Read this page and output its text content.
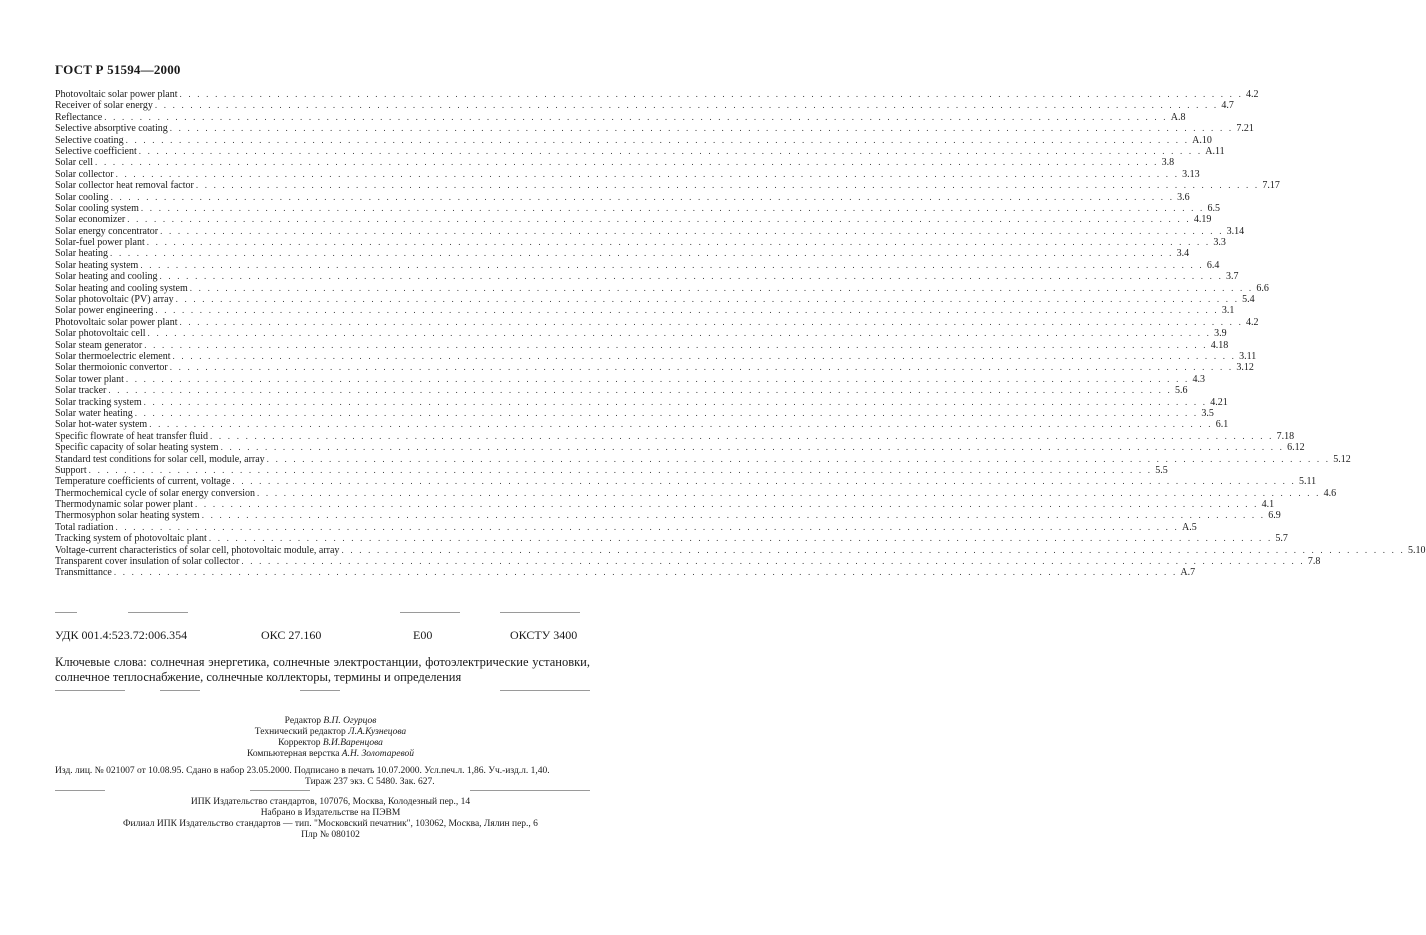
ГОСТ Р 51594—2000
Photovoltaic solar power plant . . . . . . . . . . . . . . . . . . . . . . . . . . . . . . . . . . . . . . . . . . . . . . . . . . . . . . . . . . . . . . . . . . . . . . . . . . . . . . . . . . . . . . . . . . . . . . . . . . . . . . . . . . . . . . . . . . . . . . . . 4.2
Receiver of solar energy . . . . . . . . . . . . . . . . . . . . . . . . . . . . . . . . . . . . . . . . . . . . . . . . . . . . . . . . . . . . . . . . . . . . . . . . . . . . . . . . . . . . . . . . . . . . . . . . . . . . . . . . . . . . . . . . . . . . . . . . 4.7
Reflectance . . . . . . . . . . . . . . . . . . . . . . . . . . . . . . . . . . . . . . . . . . . . . . . . . . . . . . . . . . . . . . . . . . . . . . . . . . . . . . . . . . . . . . . . . . . . . . . . . . . . . . . . . . . . . . . . . . . . . . . . A.8
Selective absorptive coating . . . . . . . . . . . . . . . . . . . . . . . . . . . . . . . . . . . . . . . . . . . . . . . . . . . . . . . . . . . . . . . . . . . . . . . . . . . . . . . . . . . . . . . . . . . . . . . . . . . . . . . . . . . . . . . . . . . . . . . . 7.21
Selective coating . . . . . . . . . . . . . . . . . . . . . . . . . . . . . . . . . . . . . . . . . . . . . . . . . . . . . . . . . . . . . . . . . . . . . . . . . . . . . . . . . . . . . . . . . . . . . . . . . . . . . . . . . . . . . . . . . . . . . . . . A.10
Selective coefficient . . . . . . . . . . . . . . . . . . . . . . . . . . . . . . . . . . . . . . . . . . . . . . . . . . . . . . . . . . . . . . . . . . . . . . . . . . . . . . . . . . . . . . . . . . . . . . . . . . . . . . . . . . . . . . . . . . . . . . . . A.11
Solar cell . . . . . . . . . . . . . . . . . . . . . . . . . . . . . . . . . . . . . . . . . . . . . . . . . . . . . . . . . . . . . . . . . . . . . . . . . . . . . . . . . . . . . . . . . . . . . . . . . . . . . . . . . . . . . . . . . . . . . . . . 3.8
Solar collector . . . . . . . . . . . . . . . . . . . . . . . . . . . . . . . . . . . . . . . . . . . . . . . . . . . . . . . . . . . . . . . . . . . . . . . . . . . . . . . . . . . . . . . . . . . . . . . . . . . . . . . . . . . . . . . . . . . . . . . . 3.13
Solar collector heat removal factor . . . . . . . . . . . . . . . . . . . . . . . . . . . . . . . . . . . . . . . . . . . . . . . . . . . . . . . . . . . . . . . . . . . . . . . . . . . . . . . . . . . . . . . . . . . . . . . . . . . . . . . . . . . . . . . . . . . . . . . . 7.17
Solar cooling . . . . . . . . . . . . . . . . . . . . . . . . . . . . . . . . . . . . . . . . . . . . . . . . . . . . . . . . . . . . . . . . . . . . . . . . . . . . . . . . . . . . . . . . . . . . . . . . . . . . . . . . . . . . . . . . . . . . . . . . 3.6
Solar cooling system . . . . . . . . . . . . . . . . . . . . . . . . . . . . . . . . . . . . . . . . . . . . . . . . . . . . . . . . . . . . . . . . . . . . . . . . . . . . . . . . . . . . . . . . . . . . . . . . . . . . . . . . . . . . . . . . . . . . . . . . 6.5
Solar economizer . . . . . . . . . . . . . . . . . . . . . . . . . . . . . . . . . . . . . . . . . . . . . . . . . . . . . . . . . . . . . . . . . . . . . . . . . . . . . . . . . . . . . . . . . . . . . . . . . . . . . . . . . . . . . . . . . . . . . . . . 4.19
Solar energy concentrator . . . . . . . . . . . . . . . . . . . . . . . . . . . . . . . . . . . . . . . . . . . . . . . . . . . . . . . . . . . . . . . . . . . . . . . . . . . . . . . . . . . . . . . . . . . . . . . . . . . . . . . . . . . . . . . . . . . . . . . . 3.14
Solar-fuel power plant . . . . . . . . . . . . . . . . . . . . . . . . . . . . . . . . . . . . . . . . . . . . . . . . . . . . . . . . . . . . . . . . . . . . . . . . . . . . . . . . . . . . . . . . . . . . . . . . . . . . . . . . . . . . . . . . . . . . . . . . 3.3
Solar heating . . . . . . . . . . . . . . . . . . . . . . . . . . . . . . . . . . . . . . . . . . . . . . . . . . . . . . . . . . . . . . . . . . . . . . . . . . . . . . . . . . . . . . . . . . . . . . . . . . . . . . . . . . . . . . . . . . . . . . . . 3.4
Solar heating system . . . . . . . . . . . . . . . . . . . . . . . . . . . . . . . . . . . . . . . . . . . . . . . . . . . . . . . . . . . . . . . . . . . . . . . . . . . . . . . . . . . . . . . . . . . . . . . . . . . . . . . . . . . . . . . . . . . . . . . . 6.4
Solar heating and cooling . . . . . . . . . . . . . . . . . . . . . . . . . . . . . . . . . . . . . . . . . . . . . . . . . . . . . . . . . . . . . . . . . . . . . . . . . . . . . . . . . . . . . . . . . . . . . . . . . . . . . . . . . . . . . . . . . . . . . . . . 3.7
Solar heating and cooling system . . . . . . . . . . . . . . . . . . . . . . . . . . . . . . . . . . . . . . . . . . . . . . . . . . . . . . . . . . . . . . . . . . . . . . . . . . . . . . . . . . . . . . . . . . . . . . . . . . . . . . . . . . . . . . . . . . . . . . . . 6.6
Solar photovoltaic (PV) array . . . . . . . . . . . . . . . . . . . . . . . . . . . . . . . . . . . . . . . . . . . . . . . . . . . . . . . . . . . . . . . . . . . . . . . . . . . . . . . . . . . . . . . . . . . . . . . . . . . . . . . . . . . . . . . . . . . . . . . . 5.4
Solar power engineering . . . . . . . . . . . . . . . . . . . . . . . . . . . . . . . . . . . . . . . . . . . . . . . . . . . . . . . . . . . . . . . . . . . . . . . . . . . . . . . . . . . . . . . . . . . . . . . . . . . . . . . . . . . . . . . . . . . . . . . . 3.1
Photovoltaic solar power plant . . . . . . . . . . . . . . . . . . . . . . . . . . . . . . . . . . . . . . . . . . . . . . . . . . . . . . . . . . . . . . . . . . . . . . . . . . . . . . . . . . . . . . . . . . . . . . . . . . . . . . . . . . . . . . . . . . . . . . . . 4.2
Solar photovoltaic cell . . . . . . . . . . . . . . . . . . . . . . . . . . . . . . . . . . . . . . . . . . . . . . . . . . . . . . . . . . . . . . . . . . . . . . . . . . . . . . . . . . . . . . . . . . . . . . . . . . . . . . . . . . . . . . . . . . . . . . . . 3.9
Solar steam generator . . . . . . . . . . . . . . . . . . . . . . . . . . . . . . . . . . . . . . . . . . . . . . . . . . . . . . . . . . . . . . . . . . . . . . . . . . . . . . . . . . . . . . . . . . . . . . . . . . . . . . . . . . . . . . . . . . . . . . . . 4.18
Solar thermoelectric element . . . . . . . . . . . . . . . . . . . . . . . . . . . . . . . . . . . . . . . . . . . . . . . . . . . . . . . . . . . . . . . . . . . . . . . . . . . . . . . . . . . . . . . . . . . . . . . . . . . . . . . . . . . . . . . . . . . . . . . . 3.11
Solar thermoionic convertor . . . . . . . . . . . . . . . . . . . . . . . . . . . . . . . . . . . . . . . . . . . . . . . . . . . . . . . . . . . . . . . . . . . . . . . . . . . . . . . . . . . . . . . . . . . . . . . . . . . . . . . . . . . . . . . . . . . . . . . . 3.12
Solar tower plant . . . . . . . . . . . . . . . . . . . . . . . . . . . . . . . . . . . . . . . . . . . . . . . . . . . . . . . . . . . . . . . . . . . . . . . . . . . . . . . . . . . . . . . . . . . . . . . . . . . . . . . . . . . . . . . . . . . . . . . . 4.3
Solar tracker . . . . . . . . . . . . . . . . . . . . . . . . . . . . . . . . . . . . . . . . . . . . . . . . . . . . . . . . . . . . . . . . . . . . . . . . . . . . . . . . . . . . . . . . . . . . . . . . . . . . . . . . . . . . . . . . . . . . . . . . 5.6
Solar tracking system . . . . . . . . . . . . . . . . . . . . . . . . . . . . . . . . . . . . . . . . . . . . . . . . . . . . . . . . . . . . . . . . . . . . . . . . . . . . . . . . . . . . . . . . . . . . . . . . . . . . . . . . . . . . . . . . . . . . . . . . 4.21
Solar water heating . . . . . . . . . . . . . . . . . . . . . . . . . . . . . . . . . . . . . . . . . . . . . . . . . . . . . . . . . . . . . . . . . . . . . . . . . . . . . . . . . . . . . . . . . . . . . . . . . . . . . . . . . . . . . . . . . . . . . . . . 3.5
Solar hot-water system . . . . . . . . . . . . . . . . . . . . . . . . . . . . . . . . . . . . . . . . . . . . . . . . . . . . . . . . . . . . . . . . . . . . . . . . . . . . . . . . . . . . . . . . . . . . . . . . . . . . . . . . . . . . . . . . . . . . . . . . 6.1
Specific flowrate of heat transfer fluid . . . . . . . . . . . . . . . . . . . . . . . . . . . . . . . . . . . . . . . . . . . . . . . . . . . . . . . . . . . . . . . . . . . . . . . . . . . . . . . . . . . . . . . . . . . . . . . . . . . . . . . . . . . . . . . . . . . . . . . . 7.18
Specific capacity of solar heating system . . . . . . . . . . . . . . . . . . . . . . . . . . . . . . . . . . . . . . . . . . . . . . . . . . . . . . . . . . . . . . . . . . . . . . . . . . . . . . . . . . . . . . . . . . . . . . . . . . . . . . . . . . . . . . . . . . . . . . . . 6.12
Standard test conditions for solar cell, module, array . . . . . . . . . . . . . . . . . . . . . . . . . . . . . . . . . . . . . . . . . . . . . . . . . . . . . . . . . . . . . . . . . . . . . . . . . . . . . . . . . . . . . . . . . . . . . . . . . . . . . . . . . . . . . . . . . . . . . . . . 5.12
Support . . . . . . . . . . . . . . . . . . . . . . . . . . . . . . . . . . . . . . . . . . . . . . . . . . . . . . . . . . . . . . . . . . . . . . . . . . . . . . . . . . . . . . . . . . . . . . . . . . . . . . . . . . . . . . . . . . . . . . . . 5.5
Temperature coefficients of current, voltage . . . . . . . . . . . . . . . . . . . . . . . . . . . . . . . . . . . . . . . . . . . . . . . . . . . . . . . . . . . . . . . . . . . . . . . . . . . . . . . . . . . . . . . . . . . . . . . . . . . . . . . . . . . . . . . . . . . . . . . . 5.11
Thermochemical cycle of solar energy conversion . . . . . . . . . . . . . . . . . . . . . . . . . . . . . . . . . . . . . . . . . . . . . . . . . . . . . . . . . . . . . . . . . . . . . . . . . . . . . . . . . . . . . . . . . . . . . . . . . . . . . . . . . . . . . . . . . . . . . . . . 4.6
Thermodynamic solar power plant . . . . . . . . . . . . . . . . . . . . . . . . . . . . . . . . . . . . . . . . . . . . . . . . . . . . . . . . . . . . . . . . . . . . . . . . . . . . . . . . . . . . . . . . . . . . . . . . . . . . . . . . . . . . . . . . . . . . . . . . 4.1
Thermosyphon solar heating system . . . . . . . . . . . . . . . . . . . . . . . . . . . . . . . . . . . . . . . . . . . . . . . . . . . . . . . . . . . . . . . . . . . . . . . . . . . . . . . . . . . . . . . . . . . . . . . . . . . . . . . . . . . . . . . . . . . . . . . . 6.9
Total radiation . . . . . . . . . . . . . . . . . . . . . . . . . . . . . . . . . . . . . . . . . . . . . . . . . . . . . . . . . . . . . . . . . . . . . . . . . . . . . . . . . . . . . . . . . . . . . . . . . . . . . . . . . . . . . . . . . . . . . . . . A.5
Tracking system of photovoltaic plant . . . . . . . . . . . . . . . . . . . . . . . . . . . . . . . . . . . . . . . . . . . . . . . . . . . . . . . . . . . . . . . . . . . . . . . . . . . . . . . . . . . . . . . . . . . . . . . . . . . . . . . . . . . . . . . . . . . . . . . . 5.7
Voltage-current characteristics of solar cell, photovoltaic module, array . . . . . . . . . . . . . . . . . . . . . . . . . . . . . . . . . . . . . . . . . . . . . . . . . . . . . . . . . . . . . . . . . . . . . . . . . . . . . . . . . . . . . . . . . . . . . . . . . . . . . . . . . . . . . . . . . . . . . . . . 5.10
Transparent cover insulation of solar collector . . . . . . . . . . . . . . . . . . . . . . . . . . . . . . . . . . . . . . . . . . . . . . . . . . . . . . . . . . . . . . . . . . . . . . . . . . . . . . . . . . . . . . . . . . . . . . . . . . . . . . . . . . . . . . . . . . . . . . . . 7.8
Transmittance . . . . . . . . . . . . . . . . . . . . . . . . . . . . . . . . . . . . . . . . . . . . . . . . . . . . . . . . . . . . . . . . . . . . . . . . . . . . . . . . . . . . . . . . . . . . . . . . . . . . . . . . . . . . . . . . . . . . . . . . A.7
УДК 001.4:523.72:006.354	ОКС 27.160	Е00	ОКСТУ 3400
Ключевые слова: солнечная энергетика, солнечные электростанции, фотоэлектрические установки, солнечное теплоснабжение, солнечные коллекторы, термины и определения
Редактор В.П. Огурцов
Технический редактор Л.А.Кузнецова
Корректор В.И.Варенцова
Компьютерная верстка А.Н. Золотаревой
Изд. лиц. № 021007 от 10.08.95. Сдано в набор 23.05.2000. Подписано в печать 10.07.2000. Усл.печ.л. 1,86. Уч.-изд.л. 1,40.
Тираж 237 экз. С 5480. Зак. 627.
ИПК Издательство стандартов, 107076, Москва, Колодезный пер., 14
Набрано в Издательстве на ПЭВМ
Филиал ИПК Издательство стандартов — тип. "Московский печатник", 103062, Москва, Лялин пер., 6
Плр № 080102
